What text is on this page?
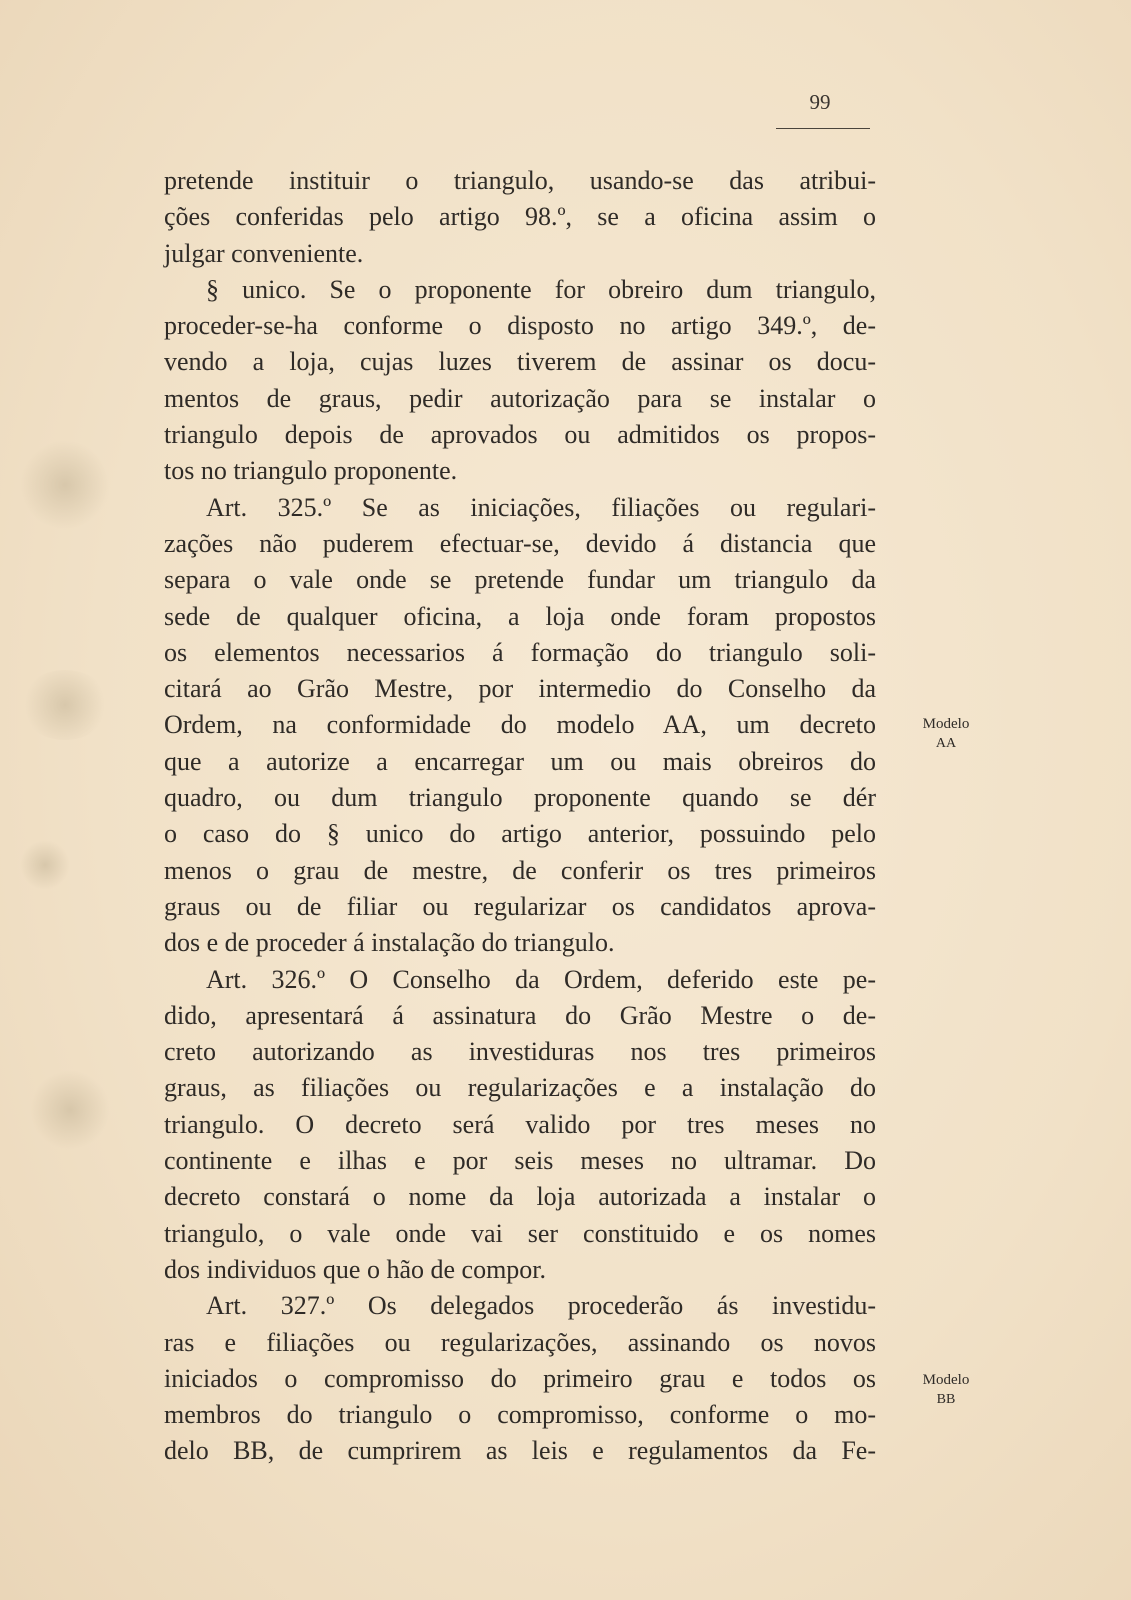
99
pretende instituir o triangulo, usando-se das atribui-
ções conferidas pelo artigo 98.º, se a oficina assim o
julgar conveniente.
§ unico. Se o proponente for obreiro dum triangulo,
proceder-se-ha conforme o disposto no artigo 349.º, de-
vendo a loja, cujas luzes tiverem de assinar os docu-
mentos de graus, pedir autorização para se instalar o
triangulo depois de aprovados ou admitidos os propos-
tos no triangulo proponente.
Art. 325.º Se as iniciações, filiações ou regulari-
zações não puderem efectuar-se, devido á distancia que
separa o vale onde se pretende fundar um triangulo da
sede de qualquer oficina, a loja onde foram propostos
os elementos necessarios á formação do triangulo soli-
citará ao Grão Mestre, por intermedio do Conselho da
Ordem, na conformidade do modelo AA, um decreto
que a autorize a encarregar um ou mais obreiros do
quadro, ou dum triangulo proponente quando se dér
o caso do § unico do artigo anterior, possuindo pelo
menos o grau de mestre, de conferir os tres primeiros
graus ou de filiar ou regularizar os candidatos aprova-
dos e de proceder á instalação do triangulo.
Art. 326.º O Conselho da Ordem, deferido este pe-
dido, apresentará á assinatura do Grão Mestre o de-
creto autorizando as investiduras nos tres primeiros
graus, as filiações ou regularizações e a instalação do
triangulo. O decreto será valido por tres meses no
continente e ilhas e por seis meses no ultramar. Do
decreto constará o nome da loja autorizada a instalar o
triangulo, o vale onde vai ser constituido e os nomes
dos individuos que o hão de compor.
Art. 327.º Os delegados procederão ás investidu-
ras e filiações ou regularizações, assinando os novos
iniciados o compromisso do primeiro grau e todos os
membros do triangulo o compromisso, conforme o mo-
delo BB, de cumprirem as leis e regulamentos da Fe-
Modelo
AA
Modelo
BB
